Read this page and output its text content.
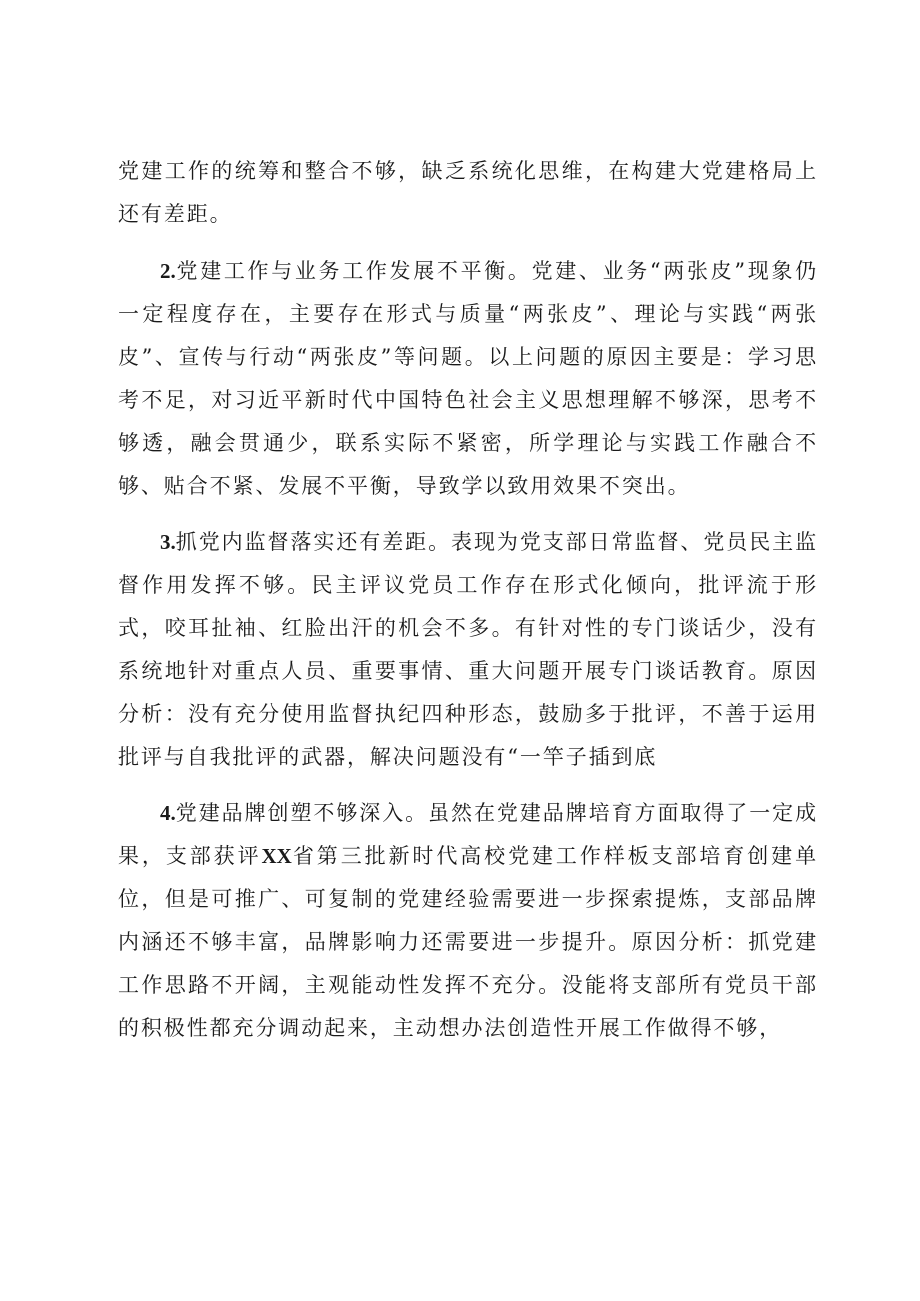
党建工作的统筹和整合不够，缺乏系统化思维，在构建大党建格局上还有差距。

2.党建工作与业务工作发展不平衡。党建、业务“两张皮”现象仍一定程度存在，主要存在形式与质量“两张皮”、理论与实践“两张皮”、宣传与行动“两张皮”等问题。以上问题的原因主要是：学习思考不足，对习近平新时代中国特色社会主义思想理解不够深，思考不够透，融会贯通少，联系实际不紧密，所学理论与实践工作融合不够、贴合不紧、发展不平衡，导致学以致用效果不突出。

3.抓党内监督落实还有差距。表现为党支部日常监督、党员民主监督作用发挥不够。民主评议党员工作存在形式化倾向，批评流于形式，咬耳扯袖、红脸出汗的机会不多。有针对性的专门谈话少，没有系统地针对重点人员、重要事情、重大问题开展专门谈话教育。原因分析：没有充分使用监督执纪四种形态，鼓励多于批评，不善于运用批评与自我批评的武器，解决问题没有“一竿子插到底

4.党建品牌创塑不够深入。虽然在党建品牌培育方面取得了一定成果，支部获评XX省第三批新时代高校党建工作样板支部培育创建单位，但是可推广、可复制的党建经验需要进一步探索提炼，支部品牌内涵还不够丰富，品牌影响力还需要进一步提升。原因分析：抓党建工作思路不开阔，主观能动性发挥不充分。没能将支部所有党员干部的积极性都充分调动起来，主动想办法创造性开展工作做得不够，
